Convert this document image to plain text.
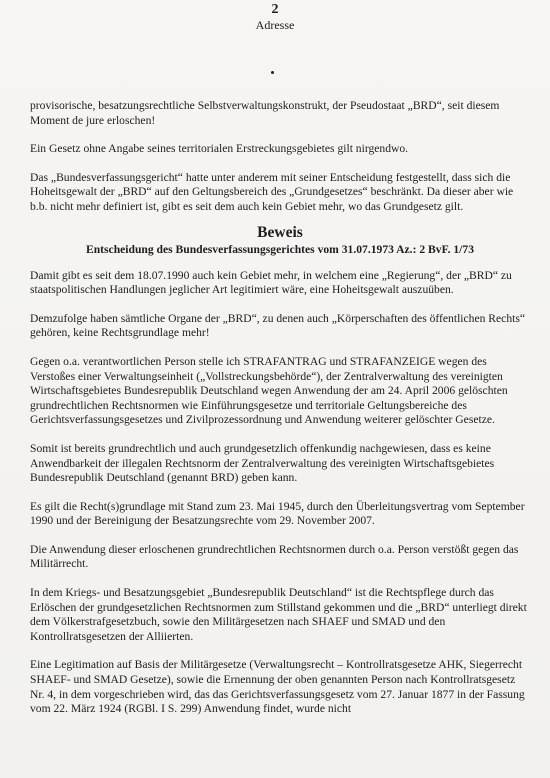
2
Adresse

provisorische, besatzungsrechtliche Selbstverwaltungskonstrukt, der Pseudostaat „BRD“, seit diesem Moment de jure erloschen!

Ein Gesetz ohne Angabe seines territorialen Erstreckungsgebietes gilt nirgendwo.

Das „Bundesverfassungsgericht“ hatte unter anderem mit seiner Entscheidung festgestellt, dass sich die Hoheitsgewalt der „BRD“ auf den Geltungsbereich des „Grundgesetzes“ beschränkt. Da dieser aber wie b.b. nicht mehr definiert ist, gibt es seit dem auch kein Gebiet mehr, wo das Grundgesetz gilt.

Beweis
Entscheidung des Bundesverfassungsgerichtes vom 31.07.1973 Az.: 2 BvF. 1/73

Damit gibt es seit dem 18.07.1990 auch kein Gebiet mehr, in welchem eine „Regierung“, der „BRD“ zu staatspolitischen Handlungen jeglicher Art legitimiert wäre, eine Hoheitsgewalt auszuüben.

Demzufolge haben sämtliche Organe der „BRD“, zu denen auch „Körperschaften des öffentlichen Rechts“ gehören, keine Rechtsgrundlage mehr!

Gegen o.a. verantwortlichen Person stelle ich STRAFANTRAG und STRAFANZEIGE wegen des Verstoßes einer Verwaltungseinheit („Vollstreckungsbehörde“), der Zentralverwaltung des vereinigten Wirtschaftsgebietes Bundesrepublik Deutschland wegen Anwendung der am 24. April 2006 gelöschten grundrechtlichen Rechtsnormen wie Einführungsgesetze und territoriale Geltungsbereiche des Gerichtsverfassungsgesetzes und Zivilprozessordnung und Anwendung weiterer gelöschter Gesetze.

Somit ist bereits grundrechtlich und auch grundgesetzlich offenkundig nachgewiesen, dass es keine Anwendbarkeit der illegalen Rechtsnorm der Zentralverwaltung des vereinigten Wirtschaftsgebietes Bundesrepublik Deutschland (genannt BRD) geben kann.

Es gilt die Recht(s)grundlage mit Stand zum 23. Mai 1945, durch den Überleitungsvertrag vom September 1990 und der Bereinigung der Besatzungsrechte vom 29. November 2007.

Die Anwendung dieser erloschenen grundrechtlichen Rechtsnormen durch o.a. Person verstößt gegen das Militärrecht.

In dem Kriegs- und Besatzungsgebiet „Bundesrepublik Deutschland“ ist die Rechtspflege durch das Erlöschen der grundgesetzlichen Rechtsnormen zum Stillstand gekommen und die „BRD“ unterliegt direkt dem Völkerstrafgesetzbuch, sowie den Militärgesetzen nach SHAEF und SMAD und den Kontrollratsgesetzen der Alliierten.

Eine Legitimation auf Basis der Militärgesetze (Verwaltungsrecht – Kontrollratsgesetze AHK, Siegerrecht SHAEF- und SMAD Gesetze), sowie die Ernennung der oben genannten Person nach Kontrollratsgesetz Nr. 4, in dem vorgeschrieben wird, das das Gerichtsverfassungsgesetz vom 27. Januar 1877 in der Fassung vom 22. März 1924 (RGBl. I S. 299) Anwendung findet, wurde nicht
